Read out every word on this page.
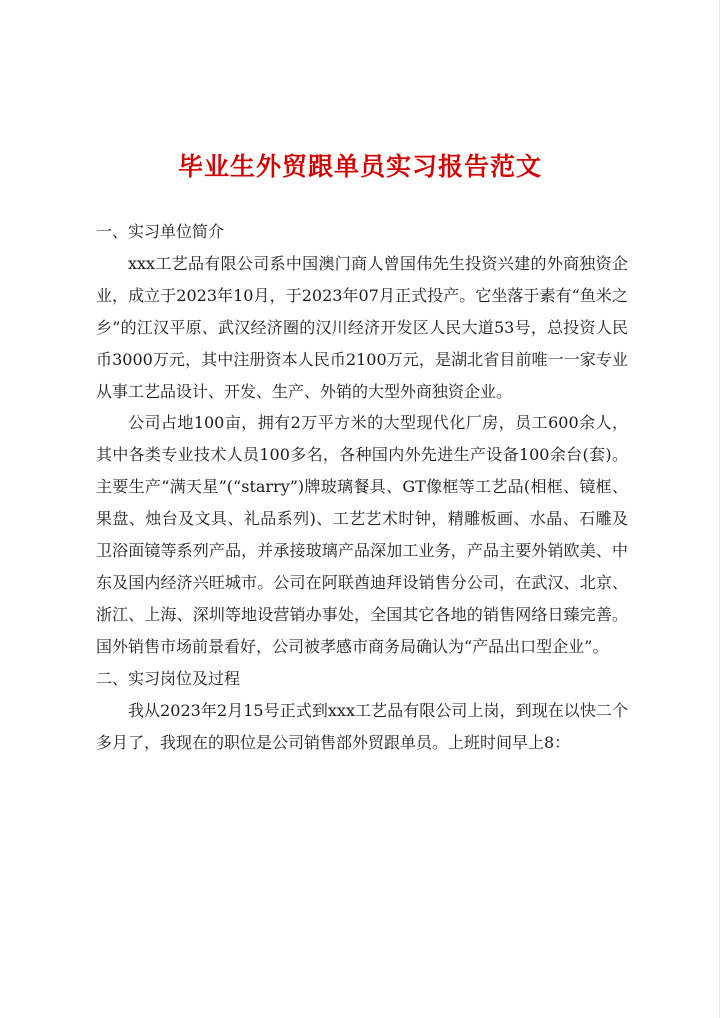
毕业生外贸跟单员实习报告范文

一、实习单位简介

xxx工艺品有限公司系中国澳门商人曾国伟先生投资兴建的外商独资企业，成立于2023年10月，于2023年07月正式投产。它坐落于素有“鱼米之乡”的江汉平原、武汉经济圈的汉川经济开发区人民大道53号，总投资人民币3000万元，其中注册资本人民币2100万元，是湖北省目前唯一一家专业从事工艺品设计、开发、生产、外销的大型外商独资企业。

公司占地100亩，拥有2万平方米的大型现代化厂房，员工600余人，其中各类专业技术人员100多名，各种国内外先进生产设备100余台(套)。 主要生产“满天星”(“starry”)牌玻璃餐具、GT像框等工艺品(相框、镜框、果盘、烛台及文具、礼品系列)、工艺艺术时钟，精雕板画、水晶、石雕及卫浴面镜等系列产品，并承接玻璃产品深加工业务，产品主要外销欧美、中东及国内经济兴旺城市。公司在阿联酋迪拜设销售分公司，在武汉、北京、浙江、上海、深圳等地设营销办事处，全国其它各地的销售网络日臻完善。国外销售市场前景看好，公司被孝感市商务局确认为“产品出口型企业”。

二、实习岗位及过程

我从2023年2月15号正式到xxx工艺品有限公司上岗，到现在以快二个多月了，我现在的职位是公司销售部外贸跟单员。上班时间早上8：
